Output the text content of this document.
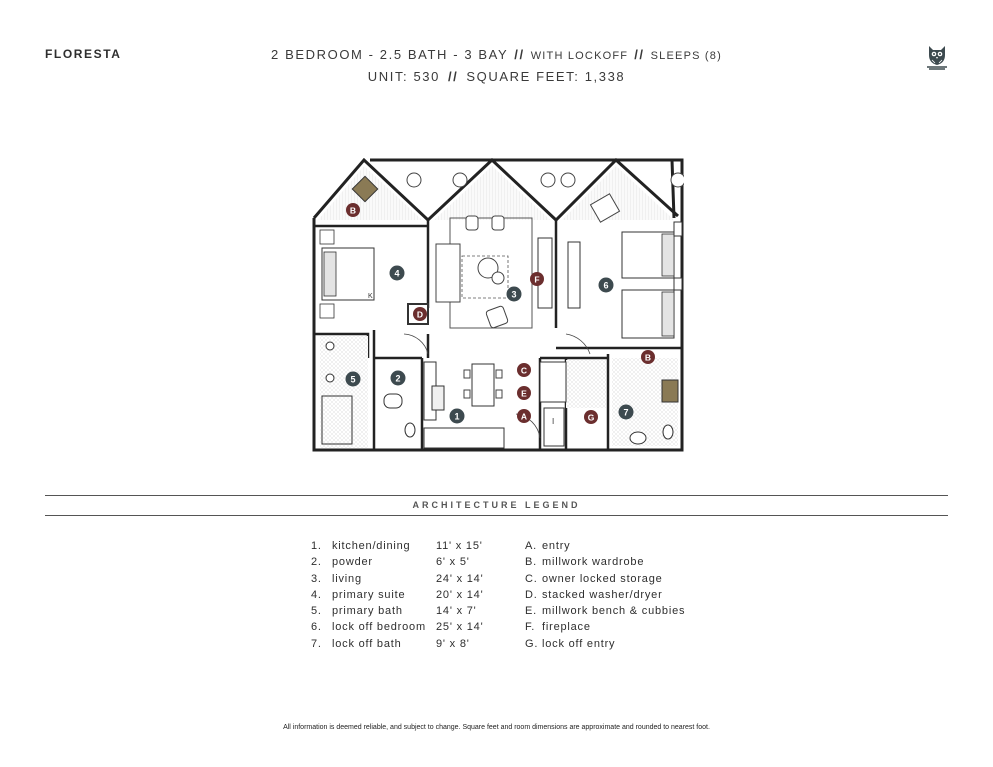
FLORESTA	2 BEDROOM - 2.5 BATH - 3 BAY // WITH LOCKOFF // SLEEPS (8)
UNIT: 530 // SQUARE FEET: 1,338
K
I
1
2
3
4
5
6
7
A
B
B
C
D
E
F
G
ARCHITECTURE LEGEND
1. kitchen/dining	11' x 15'
2. powder	6' x 5'
3. living	24' x 14'
4. primary suite	20' x 14'
5. primary bath	14' x 7'
6. lock off bedroom 25' x 14'
7. lock off bath	9' x 8'
A. entry
B. millwork wardrobe
C. owner locked storage
D. stacked washer/dryer
E. millwork bench & cubbies
F. fireplace
G. lock off entry
All information is deemed reliable, and subject to change. Square feet and room dimensions are approximate and rounded to nearest foot.
